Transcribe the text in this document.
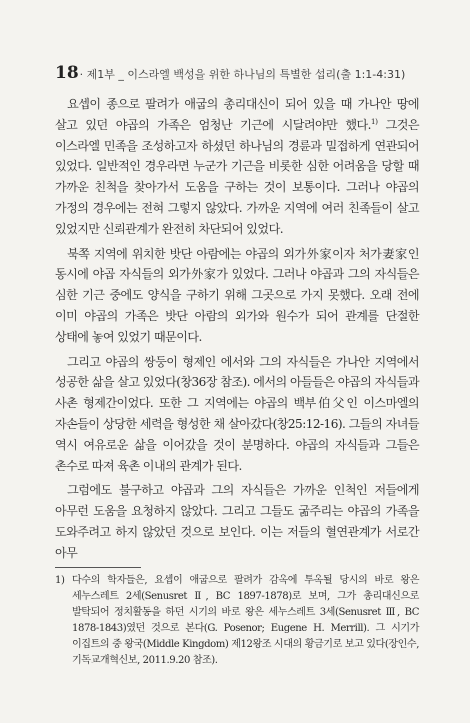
18· 제1부 _ 이스라엘 백성을 위한 하나님의 특별한 섭리(출 1:1-4:31)

요셉이 종으로 팔려가 애굽의 총리대신이 되어 있을 때 가나안 땅에 살고 있던 야곱의 가족은 엄청난 기근에 시달려야만 했다.$^{1)}$ 그것은 이스라엘 민족을 조성하고자 하셨던 하나님의 경륜과 밀접하게 연관되어 있었다. 일반적인 경우라면 누군가 기근을 비롯한 심한 어려움을 당할 때 가까운 친척을 찾아가서 도움을 구하는 것이 보통이다. 그러나 야곱의 가정의 경우에는 전혀 그렇지 않았다. 가까운 지역에 여러 친족들이 살고 있었지만 신뢰관계가 완전히 차단되어 있었다.

북쪽 지역에 위치한 밧단 아람에는 야곱의 외가外家이자 처가妻家인 동시에 야곱 자식들의 외가外家가 있었다. 그러나 야곱과 그의 자식들은 심한 기근 중에도 양식을 구하기 위해 그곳으로 가지 못했다. 오래 전에 이미 야곱의 가족은 밧단 아람의 외가와 원수가 되어 관계를 단절한 상태에 놓여 있었기 때문이다.

그리고 야곱의 쌍둥이 형제인 에서와 그의 자식들은 가나안 지역에서 성공한 삶을 살고 있었다(창36장 참조). 에서의 아들들은 야곱의 자식들과 사촌 형제간이었다. 또한 그 지역에는 야곱의 백부伯父인 이스마엘의 자손들이 상당한 세력을 형성한 채 살아갔다(창25:12-16). 그들의 자녀들 역시 여유로운 삶을 이어갔을 것이 분명하다. 야곱의 자식들과 그들은 촌수로 따져 육촌 이내의 관계가 된다.

그럼에도 불구하고 야곱과 그의 자식들은 가까운 인척인 저들에게 아무런 도움을 요청하지 않았다. 그리고 그들도 굶주리는 야곱의 가족을 도와주려고 하지 않았던 것으로 보인다. 이는 저들의 혈연관계가 서로간 아무

1) 다수의 학자들은, 요셉이 애굽으로 팔려가 감옥에 투옥될 당시의 바로 왕은 세누스레트 2세(Senusret Ⅱ, BC 1897-1878)로 보며, 그가 총리대신으로 발탁되어 정치활동을 하던 시기의 바로 왕은 세누스레트 3세(Senusret Ⅲ, BC 1878-1843)였던 것으로 본다(G. Posenor; Eugene H. Merrill). 그 시기가 이집트의 중 왕국(Middle Kingdom) 제12왕조 시대의 황금기로 보고 있다(장인수, 기독교개혁신보, 2011.9.20 참조).
